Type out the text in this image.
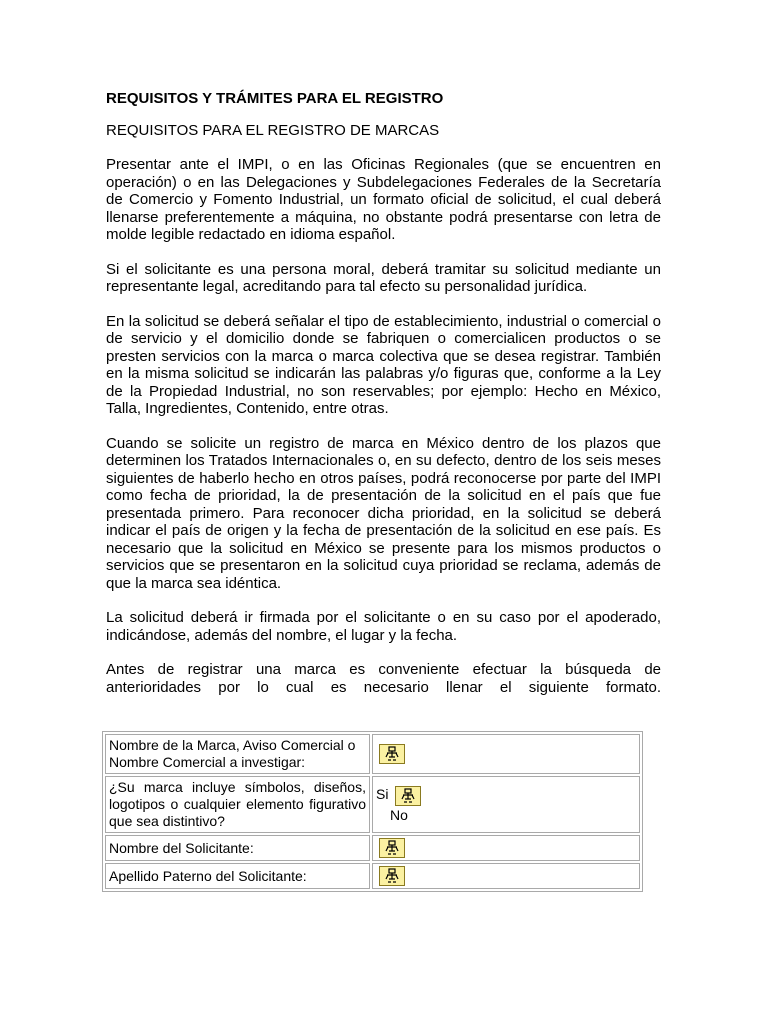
REQUISITOS Y TRÁMITES PARA EL REGISTRO
REQUISITOS PARA EL REGISTRO DE MARCAS

Presentar ante el IMPI, o en las Oficinas Regionales (que se encuentren en operación) o en las Delegaciones y Subdelegaciones Federales de la Secretaría de Comercio y Fomento Industrial, un formato oficial de solicitud, el cual deberá llenarse preferentemente a máquina, no obstante podrá presentarse con letra de molde legible redactado en idioma español.

Si el solicitante es una persona moral, deberá tramitar su solicitud mediante un representante legal, acreditando para tal efecto su personalidad jurídica.

En la solicitud se deberá señalar el tipo de establecimiento, industrial o comercial o de servicio y el domicilio donde se fabriquen o comercialicen productos o se presten servicios con la marca o marca colectiva que se desea registrar. También en la misma solicitud se indicarán las palabras y/o figuras que, conforme a la Ley de la Propiedad Industrial, no son reservables; por ejemplo: Hecho en México, Talla, Ingredientes, Contenido, entre otras.

Cuando se solicite un registro de marca en México dentro de los plazos que determinen los Tratados Internacionales o, en su defecto, dentro de los seis meses siguientes de haberlo hecho en otros países, podrá reconocerse por parte del IMPI como fecha de prioridad, la de presentación de la solicitud en el país que fue presentada primero. Para reconocer dicha prioridad, en la solicitud se deberá indicar el país de origen y la fecha de presentación de la solicitud en ese país. Es necesario que la solicitud en México se presente para los mismos productos o servicios que se presentaron en la solicitud cuya prioridad se reclama, además de que la marca sea idéntica.

La solicitud deberá ir firmada por el solicitante o en su caso por el apoderado, indicándose, además del nombre, el lugar y la fecha.

Antes de registrar una marca es conveniente efectuar la búsqueda de anterioridades por lo cual es necesario llenar el siguiente formato.

Nombre de la Marca, Aviso Comercial o Nombre Comercial a investigar:	

¿Su marca incluye símbolos, diseños, logotipos o cualquier elemento figurativo que sea distintivo?	Si
No

Nombre del Solicitante:	

Apellido Paterno del Solicitante:	
